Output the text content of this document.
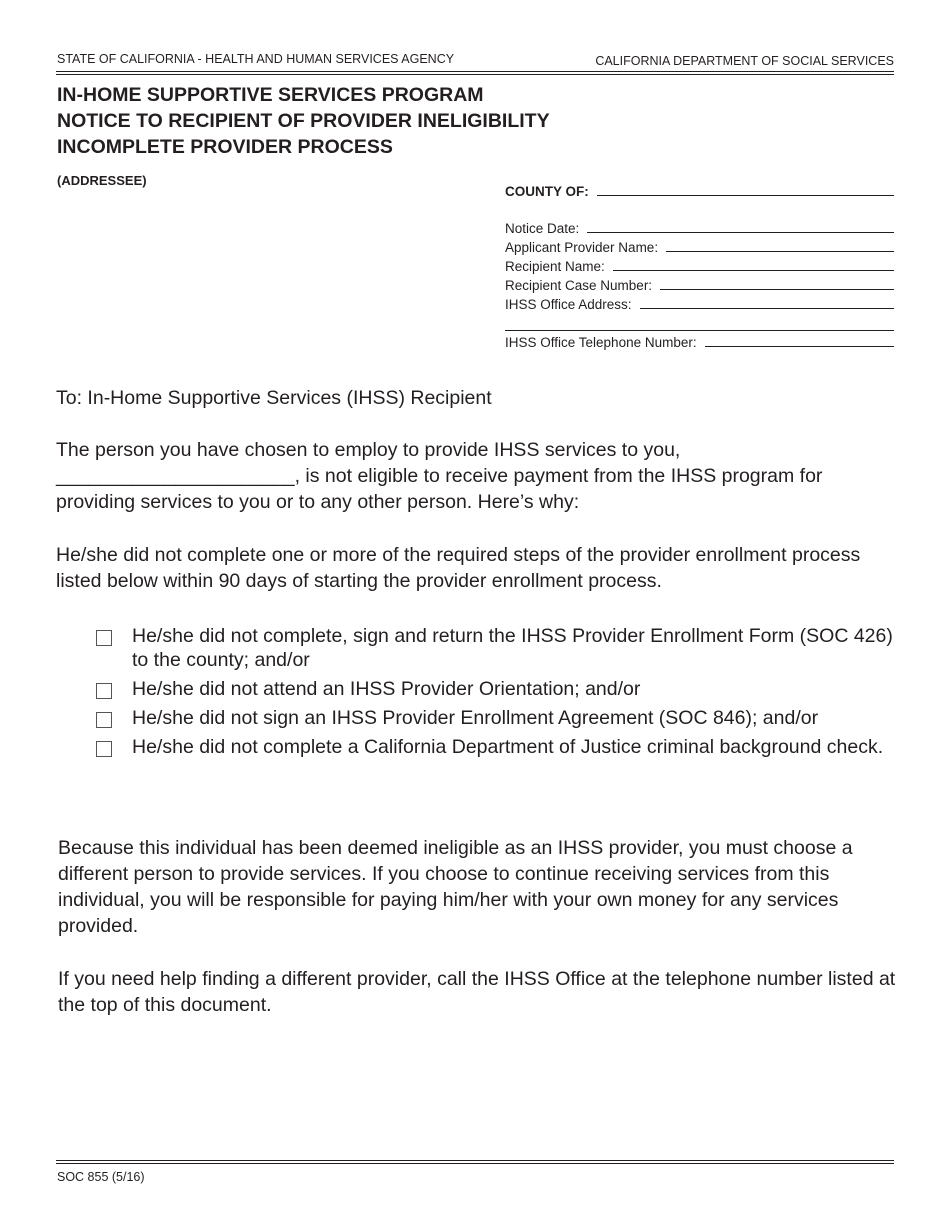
STATE OF CALIFORNIA - HEALTH AND HUMAN SERVICES AGENCY	CALIFORNIA DEPARTMENT OF SOCIAL SERVICES
IN-HOME SUPPORTIVE SERVICES PROGRAM
NOTICE TO RECIPIENT OF PROVIDER INELIGIBILITY
INCOMPLETE PROVIDER PROCESS
(ADDRESSEE)
COUNTY OF:
Notice Date:
Applicant Provider Name:
Recipient Name:
Recipient Case Number:
IHSS Office Address:
IHSS Office Telephone Number:
To: In-Home Supportive Services (IHSS) Recipient
The person you have chosen to employ to provide IHSS services to you,
______________________, is not eligible to receive payment from the IHSS program for providing services to you or to any other person. Here’s why:
He/she did not complete one or more of the required steps of the provider enrollment process listed below within 90 days of starting the provider enrollment process.
He/she did not complete, sign and return the IHSS Provider Enrollment Form (SOC 426) to the county; and/or
He/she did not attend an IHSS Provider Orientation; and/or
He/she did not sign an IHSS Provider Enrollment Agreement (SOC 846); and/or
He/she did not complete a California Department of Justice criminal background check.
Because this individual has been deemed ineligible as an IHSS provider, you must choose a different person to provide services. If you choose to continue receiving services from this individual, you will be responsible for paying him/her with your own money for any services provided.
If you need help finding a different provider, call the IHSS Office at the telephone number listed at the top of this document.
SOC 855 (5/16)
